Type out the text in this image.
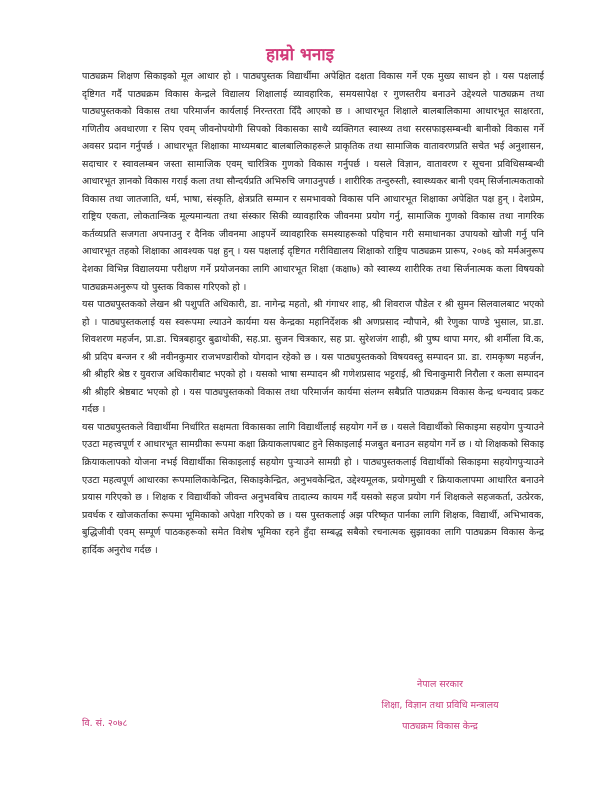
हाम्रो भनाइ

पाठ्यक्रम शिक्षण सिकाइको मूल आधार हो । पाठ्यपुस्तक विद्यार्थीमा अपेक्षित दक्षता विकास गर्ने एक मुख्य साधन हो । यस पक्षलाई दृष्टिगत गर्दै पाठ्यक्रम विकास केन्द्रले विद्यालय शिक्षालाई व्यावहारिक, समयसापेक्ष र गुणस्तरीय बनाउने उद्देश्यले पाठ्यक्रम तथा पाठ्यपुस्तकको विकास तथा परिमार्जन कार्यलाई निरन्तरता दिँदै आएको छ । आधारभूत शिक्षाले बालबालिकामा आधारभूत साक्षरता, गणितीय अवधारणा र सिप एवम् जीवनोपयोगी सिपको विकासका साथै व्यक्तिगत स्वास्थ्य तथा सरसफाइसम्बन्धी बानीको विकास गर्ने अवसर प्रदान गर्नुपर्छ । आधारभूत शिक्षाका माध्यमबाट बालबालिकाहरूले प्राकृतिक तथा सामाजिक वातावरणप्रति सचेत भई अनुशासन, सदाचार र स्वावलम्बन जस्ता सामाजिक एवम् चारित्रिक गुणको विकास गर्नुपर्छ । यसले विज्ञान, वातावरण र सूचना प्रविधिसम्बन्धी आधारभूत ज्ञानको विकास गराई कला तथा सौन्दर्यप्रति अभिरुचि जगाउनुपर्छ । शारीरिक तन्दुरुस्ती, स्वास्थ्यकर बानी एवम् सिर्जनात्मकताको विकास तथा जातजाति, धर्म, भाषा, संस्कृति, क्षेत्रप्रति सम्मान र समभावको विकास पनि आधारभूत शिक्षाका अपेक्षित पक्ष हुन् । देशप्रेम, राष्ट्रिय एकता, लोकतान्त्रिक मूल्यमान्यता तथा संस्कार सिकी व्यावहारिक जीवनमा प्रयोग गर्नु, सामाजिक गुणको विकास तथा नागरिक कर्तव्यप्रति सजगता अपनाउनु र दैनिक जीवनमा आइपर्ने व्यावहारिक समस्याहरूको पहिचान गरी समाधानका उपायको खोजी गर्नु पनि आधारभूत तहको शिक्षाका आवश्यक पक्ष हुन् । यस पक्षलाई दृष्टिगत गरीविद्यालय शिक्षाको राष्ट्रिय पाठ्यक्रम प्रारूप, २०७६ को मर्मअनुरूप देशका विभिन्न विद्यालयमा परीक्षण गर्ने प्रयोजनका लागि आधारभूत शिक्षा (कक्षा७) को स्वास्थ्य शारीरिक तथा सिर्जनात्मक कला विषयको पाठ्यक्रमअनुरूप यो पुस्तक विकास गरिएको हो ।

यस पाठ्यपुस्तकको लेखन श्री पशुपति अधिकारी, डा. नागेन्द्र महतो, श्री गंगाधर शाह, श्री शिवराज पौडेल र श्री सुमन सिलवालबाट भएको हो । पाठ्यपुस्तकलाई यस स्वरूपमा ल्याउने कार्यमा यस केन्द्रका महानिर्देशक श्री अणप्रसाद न्यौपाने, श्री रेणुका पाण्डे भुसाल, प्रा.डा. शिवशरण महर्जन, प्रा.डा. चित्रबहादुर बुढाथोकी, सह.प्रा. सुजन चित्रकार, सह प्रा. सुरेशजंग शाही, श्री पुष्प थापा मगर, श्री शर्मीला वि.क, श्री प्रदिप बन्जन र श्री नवीनकुमार राजभण्डारीको योगदान रहेको छ । यस पाठ्यपुस्तकको विषयवस्तु सम्पादन प्रा. डा. रामकृष्ण महर्जन, श्री श्रीहरि श्रेष्ठ र युवराज अधिकारीबाट भएको हो । यसको भाषा सम्पादन श्री गणेशप्रसाद भट्टराई, श्री चिनाकुमारी निरौला र कला सम्पादन श्री श्रीहरि श्रेष्ठबाट भएको हो । यस पाठ्यपुस्तकको विकास तथा परिमार्जन कार्यमा संलग्न सबैप्रति पाठ्यक्रम विकास केन्द्र धन्यवाद प्रकट गर्दछ ।

यस पाठ्यपुस्तकले विद्यार्थीमा निर्धारित सक्षमता विकासका लागि विद्यार्थीलाई सहयोग गर्ने छ । यसले विद्यार्थीको सिकाइमा सहयोग पुऱ्याउने एउटा महत्त्वपूर्ण र आधारभूत सामग्रीका रूपमा कक्षा क्रियाकलापबाट हुने सिकाइलाई मजबुत बनाउन सहयोग गर्ने छ । यो शिक्षकको सिकाइ क्रियाकलापको योजना नभई विद्यार्थीका सिकाइलाई सहयोग पुऱ्याउने सामग्री हो । पाठ्यपुस्तकलाई विद्यार्थीको सिकाइमा सहयोगपुऱ्याउने एउटा महत्वपूर्ण आधारका रूपमालिकाकेन्द्रित, सिकाइकेन्द्रित, अनुभवकेन्द्रित, उद्देश्यमूलक, प्रयोगमुखी र क्रियाकलापमा आधारित बनाउने प्रयास गरिएको छ । शिक्षक र विद्यार्थीको जीवन्त अनुभवबिच तादात्म्य कायम गर्दै यसको सहज प्रयोग गर्न शिक्षकले सहजकर्ता, उत्प्रेरक, प्रवर्धक र खोजकर्ताका रूपमा भूमिकाको अपेक्षा गरिएको छ । यस पुस्तकलाई अझ परिष्कृत पार्नका लागि शिक्षक, विद्यार्थी, अभिभावक, बुद्धिजीवी एवम् सम्पूर्ण पाठकहरूको समेत विशेष भूमिका रहने हुँदा सम्बद्ध सबैको रचनात्मक सुझावका लागि पाठ्यक्रम विकास केन्द्र हार्दिक अनुरोध गर्दछ ।

नेपाल सरकार
शिक्षा, विज्ञान तथा प्रविधि मन्त्रालय
पाठ्यक्रम विकास केन्द्र
वि. सं. २०७८
